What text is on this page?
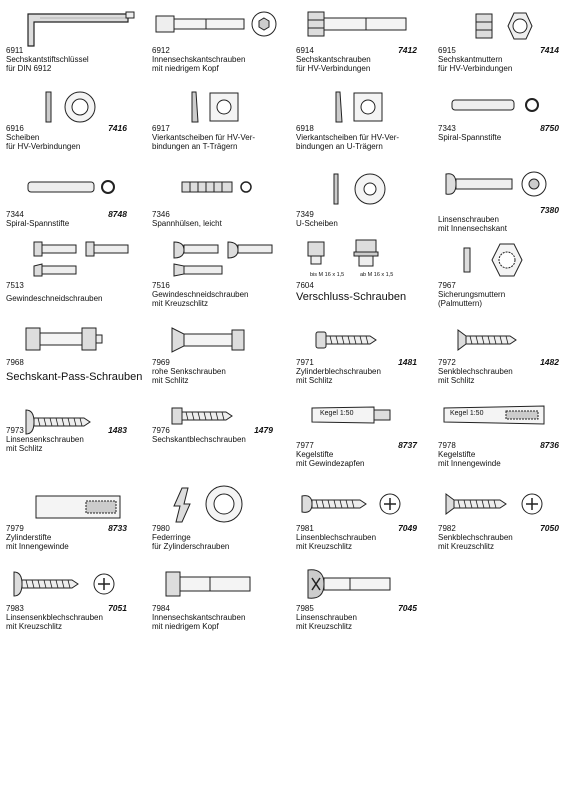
6911
Sechskantstiftschlüssel
für DIN 6912
6912
Innensechskantschrauben
mit niedrigem Kopf
6914	7412
Sechskantschrauben
für HV-Verbindungen
6915	7414
Sechskantmuttern
für HV-Verbindungen
6916	7416
Scheiben
für HV-Verbindungen
6917
Vierkantscheiben für HV-Ver-
bindungen an T-Trägern
6918
Vierkantscheiben für HV-Ver-
bindungen an U-Trägern
7343	8750
Spiral-Spannstifte
7344	8748
Spiral-Spannstifte
7346
Spannhülsen, leicht
7349
U-Scheiben
7380
Linsenschrauben
mit Innensechskant
7513
Gewindeschneidschrauben
7516
Gewindeschneidschrauben
mit Kreuzschlitz
bis M 16 x 1,5	ab M 16 x 1,5
7604
Verschluss-Schrauben
7967
Sicherungsmuttern
(Palmuttern)
7968
Sechskant-Pass-Schrauben
7969
rohe Senkschrauben
mit Schlitz
7971	1481
Zylinderblechschrauben
mit Schlitz
7972	1482
Senkblechschrauben
mit Schlitz
7973	1483
Linsensenkschrauben
mit Schlitz
7976	1479
Sechskantblechschrauben
Kegel 1:50
7977	8737
Kegelstifte
mit Gewindezapfen
Kegel 1:50
7978	8736
Kegelstifte
mit Innengewinde
7979	8733
Zylinderstifte
mit Innengewinde
7980
Federringe
für Zylinderschrauben
7981	7049
Linsenblechschrauben
mit Kreuzschlitz
7982	7050
Senkblechschrauben
mit Kreuzschlitz
7983	7051
Linsensenkblechschrauben
mit Kreuzschlitz
7984
Innensechskantschrauben
mit niedrigem Kopf
7985	7045
Linsenschrauben
mit Kreuzschlitz
